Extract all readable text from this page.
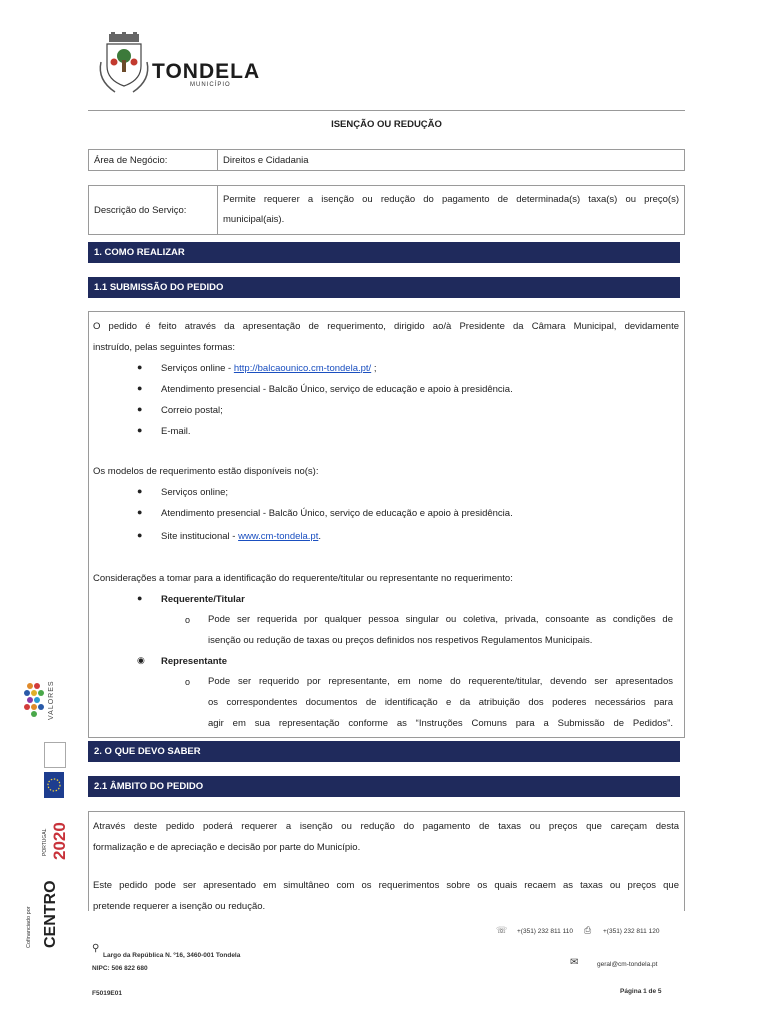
TONDELA
MUNICÍPIO
ISENÇÃO OU REDUÇÃO
Área de Negócio:	Direitos e Cidadania
Descrição do Serviço:	
Permite requerer a isenção ou redução do pagamento de determinada(s) taxa(s) ou preço(s)
municipal(ais).
1. COMO REALIZAR
1.1 SUBMISSÃO DO PEDIDO
O pedido é feito através da apresentação de requerimento, dirigido ao/à Presidente da Câmara Municipal, devidamente
instruído, pelas seguintes formas:
● Serviços online - http://balcaounico.cm-tondela.pt/ ;
● Atendimento presencial - Balcão Único, serviço de educação e apoio à presidência.
● Correio postal;
● E-mail.
Os modelos de requerimento estão disponíveis no(s):
● Serviços online;
● Atendimento presencial - Balcão Único, serviço de educação e apoio à presidência.
● Site institucional - www.cm-tondela.pt.
Considerações a tomar para a identificação do requerente/titular ou representante no requerimento:
● Requerente/Titular
o Pode ser requerida por qualquer pessoa singular ou coletiva, privada, consoante as condições de
isenção ou redução de taxas ou preços definidos nos respetivos Regulamentos Municipais.
◉ Representante
o Pode ser requerido por representante, em nome do requerente/titular, devendo ser apresentados
os correspondentes documentos de identificação e da atribuição dos poderes necessários para
agir em sua representação conforme as “Instruções Comuns para a Submissão de Pedidos”.
2. O QUE DEVO SABER
2.1 ÂMBITO DO PEDIDO
Através deste pedido poderá requerer a isenção ou redução do pagamento de taxas ou preços que careçam desta
formalização e de apreciação e decisão por parte do Município.
Este pedido pode ser apresentado em simultâneo com os requerimentos sobre os quais recaem as taxas ou preços que
pretende requerer a isenção ou redução.
☏ +(351) 232 811 110 ⎙ +(351) 232 811 120
⚲
Largo da República N. º16, 3460-001 Tondela
NIPC: 506 822 680
✉	geral@cm-tondela.pt
F5019E01	Página 1 de 5
VALORES
PORTUGAL 2020
CENTRO
Cofinanciado por
